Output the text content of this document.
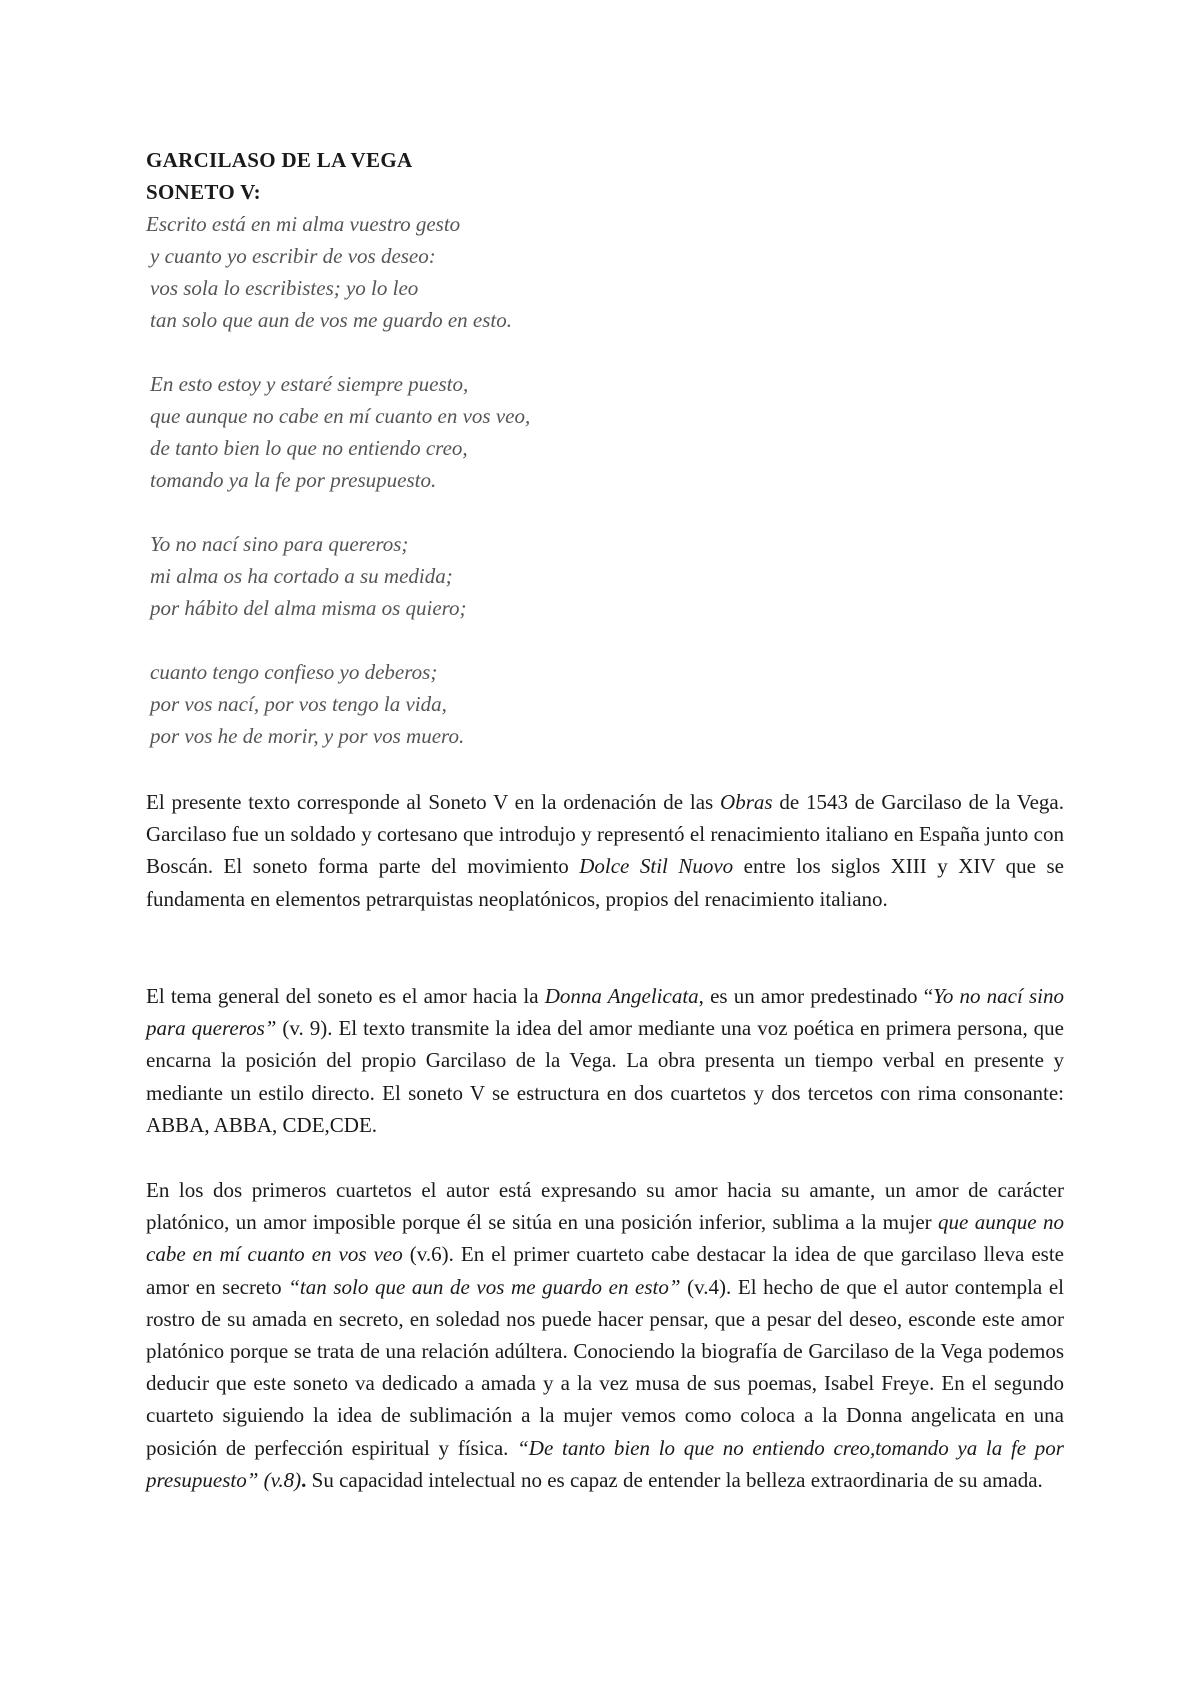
GARCILASO DE LA VEGA
SONETO V:
Escrito está en mi alma vuestro gesto
y cuanto yo escribir de vos deseo:
vos sola lo escribistes; yo lo leo
tan solo que aun de vos me guardo en esto.
En esto estoy y estaré siempre puesto,
que aunque no cabe en mí cuanto en vos veo,
de tanto bien lo que no entiendo creo,
tomando ya la fe por presupuesto.
Yo no nací sino para quereros;
mi alma os ha cortado a su medida;
por hábito del alma misma os quiero;
cuanto tengo confieso yo deberos;
por vos nací, por vos tengo la vida,
por vos he de morir, y por vos muero.
El presente texto corresponde al Soneto V en la ordenación de las Obras de 1543 de Garcilaso de la Vega. Garcilaso fue un soldado y cortesano que introdujo y representó el renacimiento italiano en España junto con Boscán. El soneto forma parte del movimiento Dolce Stil Nuovo entre los siglos XIII y XIV que se fundamenta en elementos petrarquistas neoplatónicos, propios del renacimiento italiano.
El tema general del soneto es el amor hacia la Donna Angelicata, es un amor predestinado “Yo no nací sino para quereros” (v. 9). El texto transmite la idea del amor mediante una voz poética en primera persona, que encarna la posición del propio Garcilaso de la Vega. La obra presenta un tiempo verbal en presente y mediante un estilo directo. El soneto V se estructura en dos cuartetos y dos tercetos con rima consonante: ABBA, ABBA, CDE,CDE.
En los dos primeros cuartetos el autor está expresando su amor hacia su amante, un amor de carácter platónico, un amor imposible porque él se sitúa en una posición inferior, sublima a la mujer que aunque no cabe en mí cuanto en vos veo (v.6). En el primer cuarteto cabe destacar la idea de que garcilaso lleva este amor en secreto “tan solo que aun de vos me guardo en esto” (v.4). El hecho de que el autor contempla el rostro de su amada en secreto, en soledad nos puede hacer pensar, que a pesar del deseo, esconde este amor platónico porque se trata de una relación adúltera. Conociendo la biografía de Garcilaso de la Vega podemos deducir que este soneto va dedicado a amada y a la vez musa de sus poemas, Isabel Freye. En el segundo cuarteto siguiendo la idea de sublimación a la mujer vemos como coloca a la Donna angelicata en una posición de perfección espiritual y física. “De tanto bien lo que no entiendo creo,tomando ya la fe por presupuesto” (v.8). Su capacidad intelectual no es capaz de entender la belleza extraordinaria de su amada.
